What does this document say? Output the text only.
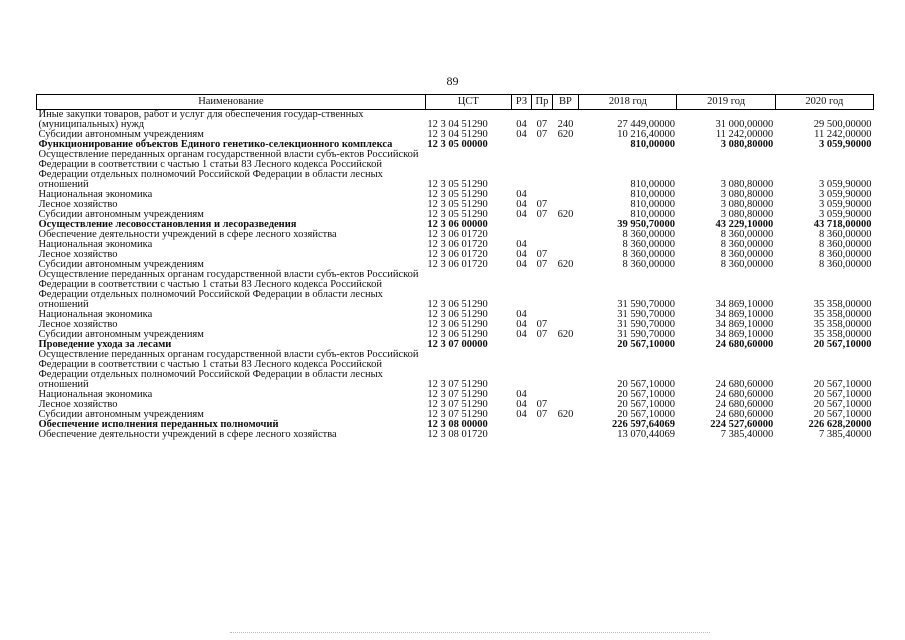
89
Наименование	ЦСТ	РЗ	Пр	ВР	2018 год	2019 год	2020 год
Иные закупки товаров, работ и услуг для обеспечения государ-ственных (муниципальных) нужд	12 3 04 51290	04	07	240	27 449,00000	31 000,00000	29 500,00000
Субсидии автономным учреждениям	12 3 04 51290	04	07	620	10 216,40000	11 242,00000	11 242,00000
Функционирование объектов Единого генетико-селекционного комплекса	12 3 05 00000				810,00000	3 080,80000	3 059,90000
Осуществление переданных органам государственной власти субъ-ектов Российской Федерации в соответствии с частью 1 статьи 83 Лесного кодекса Российской Федерации отдельных полномочий Российской Федерации в области лесных отношений	12 3 05 51290				810,00000	3 080,80000	3 059,90000
Национальная экономика	12 3 05 51290	04			810,00000	3 080,80000	3 059,90000
Лесное хозяйство	12 3 05 51290	04	07		810,00000	3 080,80000	3 059,90000
Субсидии автономным учреждениям	12 3 05 51290	04	07	620	810,00000	3 080,80000	3 059,90000
Осуществление лесовосстановления и лесоразведения	12 3 06 00000				39 950,70000	43 229,10000	43 718,00000
Обеспечение деятельности учреждений в сфере лесного хозяйства	12 3 06 01720				8 360,00000	8 360,00000	8 360,00000
Национальная экономика	12 3 06 01720	04			8 360,00000	8 360,00000	8 360,00000
Лесное хозяйство	12 3 06 01720	04	07		8 360,00000	8 360,00000	8 360,00000
Субсидии автономным учреждениям	12 3 06 01720	04	07	620	8 360,00000	8 360,00000	8 360,00000
Осуществление переданных органам государственной власти субъ-ектов Российской Федерации в соответствии с частью 1 статьи 83 Лесного кодекса Российской Федерации отдельных полномочий Российской Федерации в области лесных отношений	12 3 06 51290				31 590,70000	34 869,10000	35 358,00000
Национальная экономика	12 3 06 51290	04			31 590,70000	34 869,10000	35 358,00000
Лесное хозяйство	12 3 06 51290	04	07		31 590,70000	34 869,10000	35 358,00000
Субсидии автономным учреждениям	12 3 06 51290	04	07	620	31 590,70000	34 869,10000	35 358,00000
Проведение ухода за лесами	12 3 07 00000				20 567,10000	24 680,60000	20 567,10000
Осуществление переданных органам государственной власти субъ-ектов Российской Федерации в соответствии с частью 1 статьи 83 Лесного кодекса Российской Федерации отдельных полномочий Российской Федерации в области лесных отношений	12 3 07 51290				20 567,10000	24 680,60000	20 567,10000
Национальная экономика	12 3 07 51290	04			20 567,10000	24 680,60000	20 567,10000
Лесное хозяйство	12 3 07 51290	04	07		20 567,10000	24 680,60000	20 567,10000
Субсидии автономным учреждениям	12 3 07 51290	04	07	620	20 567,10000	24 680,60000	20 567,10000
Обеспечение исполнения переданных полномочий	12 3 08 00000				226 597,64069	224 527,60000	226 628,20000
Обеспечение деятельности учреждений в сфере лесного хозяйства	12 3 08 01720				13 070,44069	7 385,40000	7 385,40000
